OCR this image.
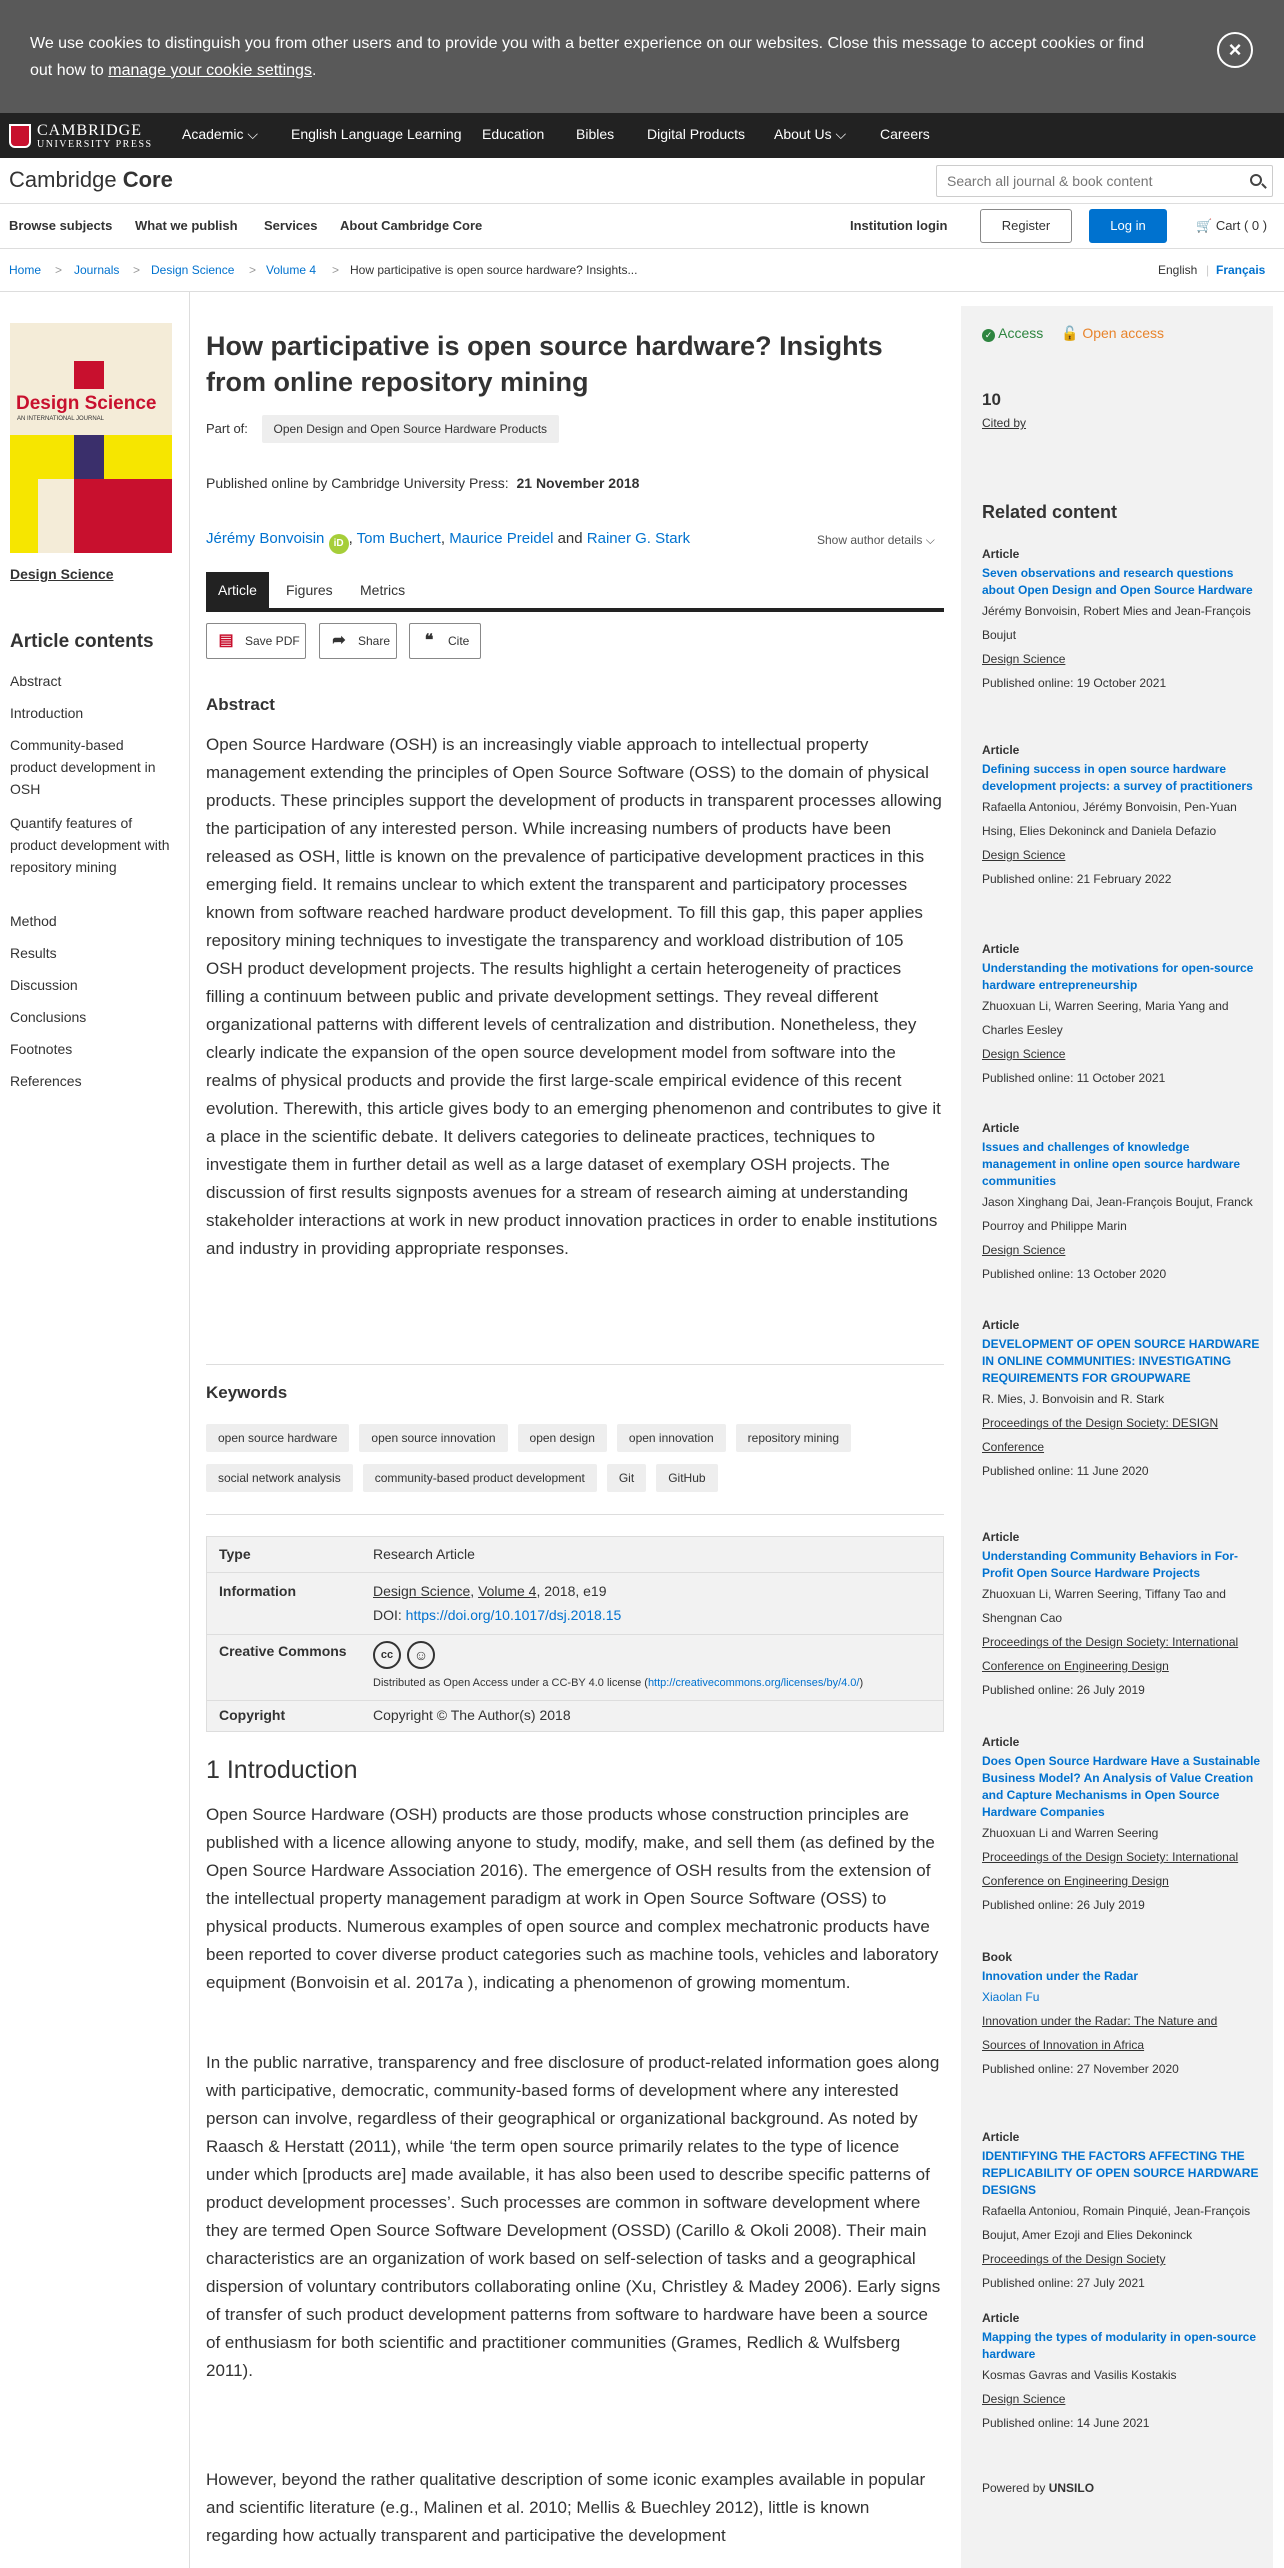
We use cookies to distinguish you from other users and to provide you with a better experience on our websites. Close this message to accept cookies or find out how to manage your cookie settings.
×
CAMBRIDGE
UNIVERSITY PRESS
Academic ⌵ English Language Learning Education Bibles Digital Products About Us ⌵ Careers
Cambridge Core
Search all journal & book content
Browse subjects What we publish Services About Cambridge Core	Institution login	Register	Log in	🛒 Cart ( 0 )
Home > Journals > Design Science > Volume 4 > How participative is open source hardware? Insights...	English | Français
Design Science
AN INTERNATIONAL JOURNAL
Design Science
Article contents
Abstract
Introduction
Community-based product development in OSH
Quantify features of product development with repository mining
Method
Results
Discussion
Conclusions
Footnotes
References
How participative is open source hardware? Insights from online repository mining
Part of: Open Design and Open Source Hardware Products
Published online by Cambridge University Press: 21 November 2018
Jérémy Bonvoisin iD , Tom Buchert, Maurice Preidel and Rainer G. Stark	Show author details ⌵
Article	Figures	Metrics
▤ Save PDF	➦ Share	❝	Cite
Abstract
Open Source Hardware (OSH) is an increasingly viable approach to intellectual property management extending the principles of Open Source Software (OSS) to the domain of physical products. These principles support the development of products in transparent processes allowing the participation of any interested person. While increasing numbers of products have been released as OSH, little is known on the prevalence of participative development practices in this emerging field. It remains unclear to which extent the transparent and participatory processes known from software reached hardware product development. To fill this gap, this paper applies repository mining techniques to investigate the transparency and workload distribution of 105 OSH product development projects. The results highlight a certain heterogeneity of practices filling a continuum between public and private development settings. They reveal different organizational patterns with different levels of centralization and distribution. Nonetheless, they clearly indicate the expansion of the open source development model from software into the realms of physical products and provide the first large-scale empirical evidence of this recent evolution. Therewith, this article gives body to an emerging phenomenon and contributes to give it a place in the scientific debate. It delivers categories to delineate practices, techniques to investigate them in further detail as well as a large dataset of exemplary OSH projects. The discussion of first results signposts avenues for a stream of research aiming at understanding stakeholder interactions at work in new product innovation practices in order to enable institutions and industry in providing appropriate responses.
Keywords
open source hardware	open source innovation	open design	open innovation	repository mining
social network analysis	community-based product development	Git	GitHub
Type	Research Article
Information	Design Science, Volume 4, 2018, e19
DOI: https://doi.org/10.1017/dsj.2018.15
Creative Commons	cc	☺
Distributed as Open Access under a CC-BY 4.0 license (http://creativecommons.org/licenses/by/4.0/)
Copyright	Copyright © The Author(s) 2018
1 Introduction
Open Source Hardware (OSH) products are those products whose construction principles are published with a licence allowing anyone to study, modify, make, and sell them (as defined by the Open Source Hardware Association 2016). The emergence of OSH results from the extension of the intellectual property management paradigm at work in Open Source Software (OSS) to physical products. Numerous examples of open source and complex mechatronic products have been reported to cover diverse product categories such as machine tools, vehicles and laboratory equipment (Bonvoisin et al. 2017a ), indicating a phenomenon of growing momentum.
In the public narrative, transparency and free disclosure of product-related information goes along with participative, democratic, community-based forms of development where any interested person can involve, regardless of their geographical or organizational background. As noted by Raasch & Herstatt (2011), while ‘the term open source primarily relates to the type of licence under which [products are] made available, it has also been used to describe specific patterns of product development processes’. Such processes are common in software development where they are termed Open Source Software Development (OSSD) (Carillo & Okoli 2008). Their main characteristics are an organization of work based on self-selection of tasks and a geographical dispersion of voluntary contributors collaborating online (Xu, Christley & Madey 2006). Early signs of transfer of such product development patterns from software to hardware have been a source of enthusiasm for both scientific and practitioner communities (Grames, Redlich & Wulfsberg 2011).
However, beyond the rather qualitative description of some iconic examples available in popular and scientific literature (e.g., Malinen et al. 2010; Mellis & Buechley 2012), little is known regarding how actually transparent and participative the development
✓ Access 🔓 Open access
10
Cited by
Related content
Article
Seven observations and research questions about Open Design and Open Source Hardware
Jérémy Bonvoisin, Robert Mies and Jean-François Boujut
Design Science
Published online: 19 October 2021
Article
Defining success in open source hardware development projects: a survey of practitioners
Rafaella Antoniou, Jérémy Bonvoisin, Pen-Yuan Hsing, Elies Dekoninck and Daniela Defazio
Design Science
Published online: 21 February 2022
Article
Understanding the motivations for open-source hardware entrepreneurship
Zhuoxuan Li, Warren Seering, Maria Yang and Charles Eesley
Design Science
Published online: 11 October 2021
Article
Issues and challenges of knowledge management in online open source hardware communities
Jason Xinghang Dai, Jean-François Boujut, Franck Pourroy and Philippe Marin
Design Science
Published online: 13 October 2020
Article
DEVELOPMENT OF OPEN SOURCE HARDWARE IN ONLINE COMMUNITIES: INVESTIGATING REQUIREMENTS FOR GROUPWARE
R. Mies, J. Bonvoisin and R. Stark
Proceedings of the Design Society: DESIGN Conference
Published online: 11 June 2020
Article
Understanding Community Behaviors in For-Profit Open Source Hardware Projects
Zhuoxuan Li, Warren Seering, Tiffany Tao and Shengnan Cao
Proceedings of the Design Society: International Conference on Engineering Design
Published online: 26 July 2019
Article
Does Open Source Hardware Have a Sustainable Business Model? An Analysis of Value Creation and Capture Mechanisms in Open Source Hardware Companies
Zhuoxuan Li and Warren Seering
Proceedings of the Design Society: International Conference on Engineering Design
Published online: 26 July 2019
Book
Innovation under the Radar
Xiaolan Fu
Innovation under the Radar: The Nature and Sources of Innovation in Africa
Published online: 27 November 2020
Article
IDENTIFYING THE FACTORS AFFECTING THE REPLICABILITY OF OPEN SOURCE HARDWARE DESIGNS
Rafaella Antoniou, Romain Pinquié, Jean-François Boujut, Amer Ezoji and Elies Dekoninck
Proceedings of the Design Society
Published online: 27 July 2021
Article
Mapping the types of modularity in open-source hardware
Kosmas Gavras and Vasilis Kostakis
Design Science
Published online: 14 June 2021
Powered by UNSILO
